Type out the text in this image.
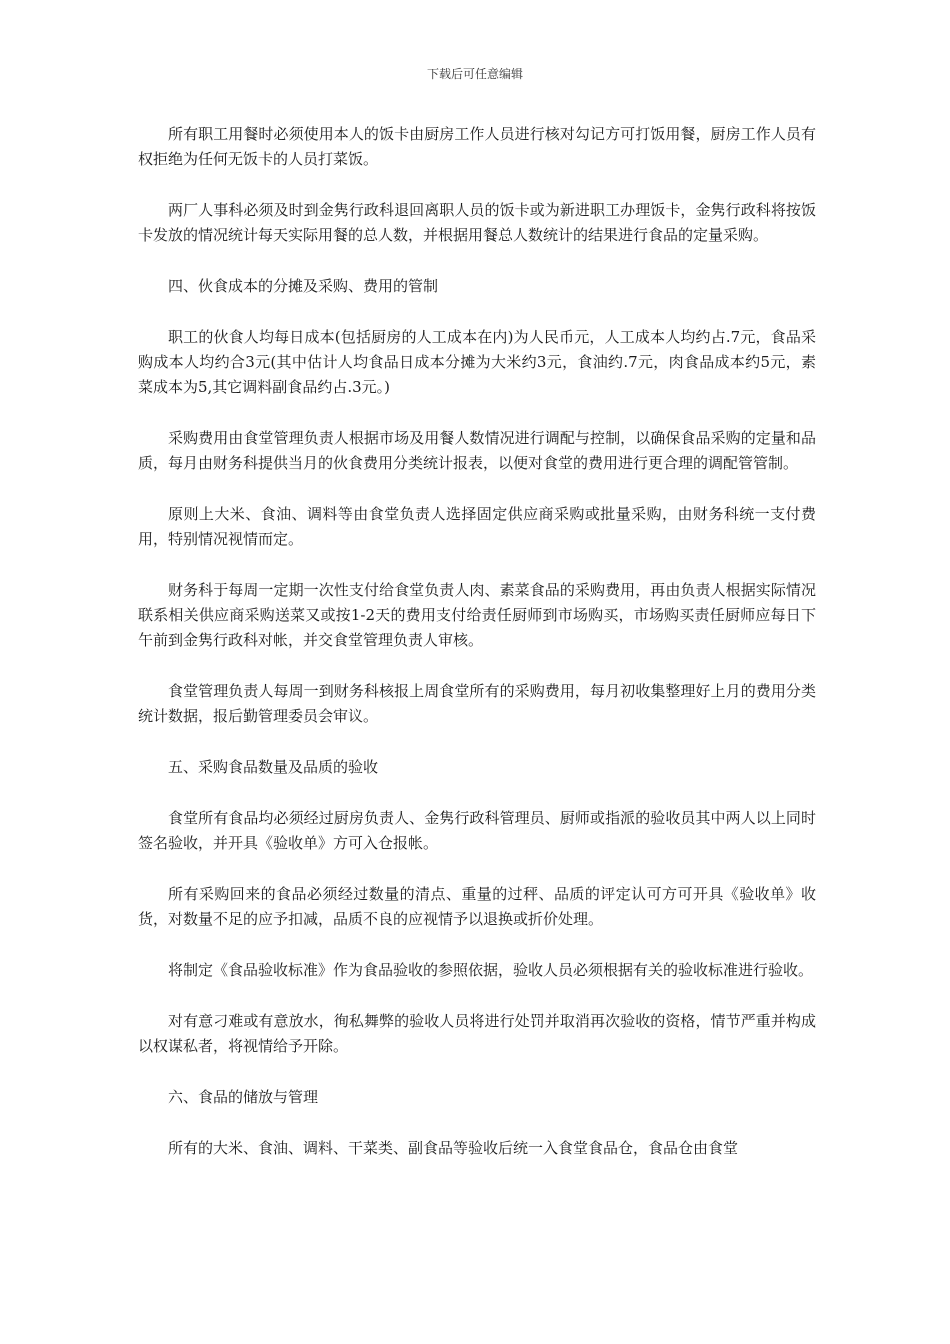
下载后可任意编辑

所有职工用餐时必须使用本人的饭卡由厨房工作人员进行核对勾记方可打饭用餐，厨房工作人员有权拒绝为任何无饭卡的人员打菜饭。

两厂人事科必须及时到金隽行政科退回离职人员的饭卡或为新进职工办理饭卡，金隽行政科将按饭卡发放的情况统计每天实际用餐的总人数，并根据用餐总人数统计的结果进行食品的定量采购。

四、伙食成本的分摊及采购、费用的管制

职工的伙食人均每日成本(包括厨房的人工成本在内)为人民币元，人工成本人均约占.7元，食品采购成本人均约合3元(其中估计人均食品日成本分摊为大米约3元，食油约.7元，肉食品成本约5元，素菜成本为5,其它调料副食品约占.3元。)

采购费用由食堂管理负责人根据市场及用餐人数情况进行调配与控制，以确保食品采购的定量和品质，每月由财务科提供当月的伙食费用分类统计报表，以便对食堂的费用进行更合理的调配管管制。

原则上大米、食油、调料等由食堂负责人选择固定供应商采购或批量采购，由财务科统一支付费用，特别情况视情而定。

财务科于每周一定期一次性支付给食堂负责人肉、素菜食品的采购费用，再由负责人根据实际情况联系相关供应商采购送菜又或按1-2天的费用支付给责任厨师到市场购买，市场购买责任厨师应每日下午前到金隽行政科对帐，并交食堂管理负责人审核。

食堂管理负责人每周一到财务科核报上周食堂所有的采购费用，每月初收集整理好上月的费用分类统计数据，报后勤管理委员会审议。

五、采购食品数量及品质的验收

食堂所有食品均必须经过厨房负责人、金隽行政科管理员、厨师或指派的验收员其中两人以上同时签名验收，并开具《验收单》方可入仓报帐。

所有采购回来的食品必须经过数量的清点、重量的过秤、品质的评定认可方可开具《验收单》收货，对数量不足的应予扣减，品质不良的应视情予以退换或折价处理。

将制定《食品验收标准》作为食品验收的参照依据，验收人员必须根据有关的验收标准进行验收。

对有意刁难或有意放水，徇私舞弊的验收人员将进行处罚并取消再次验收的资格，情节严重并构成以权谋私者，将视情给予开除。

六、食品的储放与管理

所有的大米、食油、调料、干菜类、副食品等验收后统一入食堂食品仓，食品仓由食堂
